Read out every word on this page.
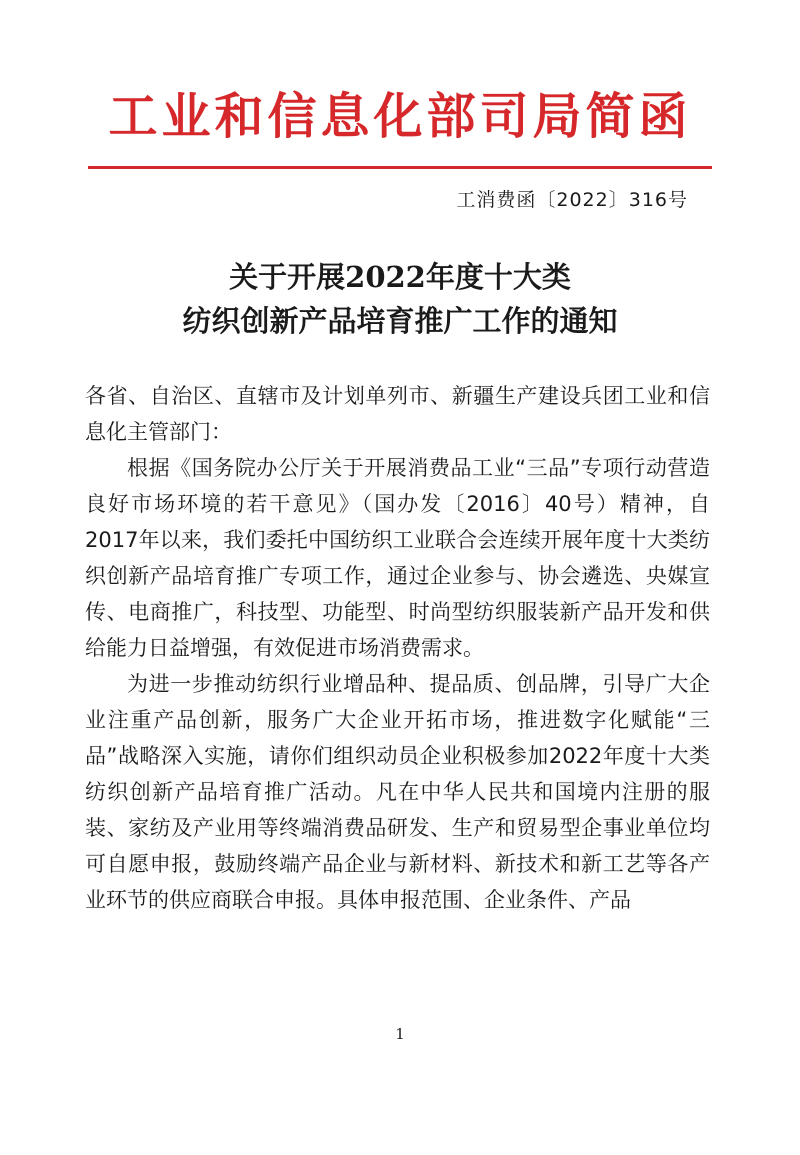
工业和信息化部司局简函
工消费函〔2022〕316号
关于开展2022年度十大类
纺织创新产品培育推广工作的通知

各省、自治区、直辖市及计划单列市、新疆生产建设兵团工业和信息化主管部门：

根据《国务院办公厅关于开展消费品工业“三品”专项行动营造良好市场环境的若干意见》（国办发〔2016〕40号）精神，自2017年以来，我们委托中国纺织工业联合会连续开展年度十大类纺织创新产品培育推广专项工作，通过企业参与、协会遴选、央媒宣传、电商推广，科技型、功能型、时尚型纺织服装新产品开发和供给能力日益增强，有效促进市场消费需求。

为进一步推动纺织行业增品种、提品质、创品牌，引导广大企业注重产品创新，服务广大企业开拓市场，推进数字化赋能“三品”战略深入实施，请你们组织动员企业积极参加2022年度十大类纺织创新产品培育推广活动。凡在中华人民共和国境内注册的服装、家纺及产业用等终端消费品研发、生产和贸易型企事业单位均可自愿申报，鼓励终端产品企业与新材料、新技术和新工艺等各产业环节的供应商联合申报。具体申报范围、企业条件、产品

1
